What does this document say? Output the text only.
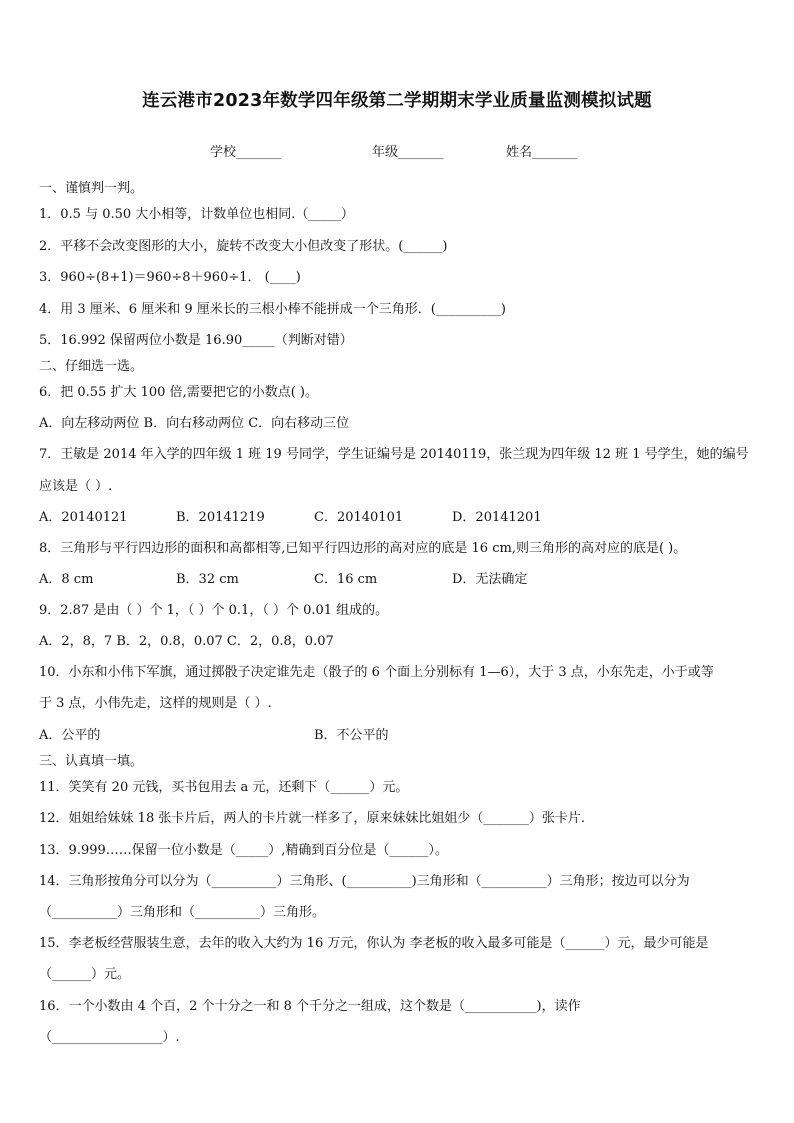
连云港市2023年数学四年级第二学期期末学业质量监测模拟试题
学校_______	年级_______	姓名_______
一、谨慎判一判。
1．0.5 与 0.50 大小相等，计数单位也相同.（_____）
2．平移不会改变图形的大小，旋转不改变大小但改变了形状。(______)
3．960÷(8+1)＝960÷8＋960÷1． (____)
4．用 3 厘米、6 厘米和 9 厘米长的三根小棒不能拼成一个三角形．(__________)
5．16.992 保留两位小数是 16.90_____（判断对错）
二、仔细选一选。
6．把 0.55 扩大 100 倍,需要把它的小数点( )。
A．向左移动两位 B．向右移动两位 C．向右移动三位
7．王敏是 2014 年入学的四年级 1 班 19 号同学，学生证编号是 20140119，张兰现为四年级 12 班 1 号学生，她的编号
应该是（ ）.
A．20140121	B．20141219	C．20140101	D．20141201
8．三角形与平行四边形的面积和高都相等,已知平行四边形的高对应的底是 16 cm,则三角形的高对应的底是( )。
A．8 cm	B．32 cm	C．16 cm	D．无法确定
9．2.87 是由（ ）个 1，（ ）个 0.1，（ ）个 0.01 组成的。
A．2，8，7 B．2，0.8，0.07 C．2，0.8，0.07
10．小东和小伟下军旗，通过掷骰子决定谁先走（骰子的 6 个面上分别标有 1—6），大于 3 点，小东先走，小于或等
于 3 点，小伟先走，这样的规则是（ ）.
A．公平的	B．不公平的
三、认真填一填。
11．笑笑有 20 元钱，买书包用去 a 元，还剩下（______）元。
12．姐姐给妹妹 18 张卡片后，两人的卡片就一样多了，原来妹妹比姐姐少（_______）张卡片.
13．9.999……保留一位小数是（_____）,精确到百分位是（______）。
14．三角形按角分可以分为（__________）三角形、(__________)三角形和（__________）三角形；按边可以分为
（__________）三角形和（__________）三角形。
15．李老板经营服装生意，去年的收入大约为 16 万元，你认为 李老板的收入最多可能是（______）元，最少可能是
（______）元。
16．一个小数由 4 个百，2 个十分之一和 8 个千分之一组成，这个数是（___________)，读作
（_________________）.
